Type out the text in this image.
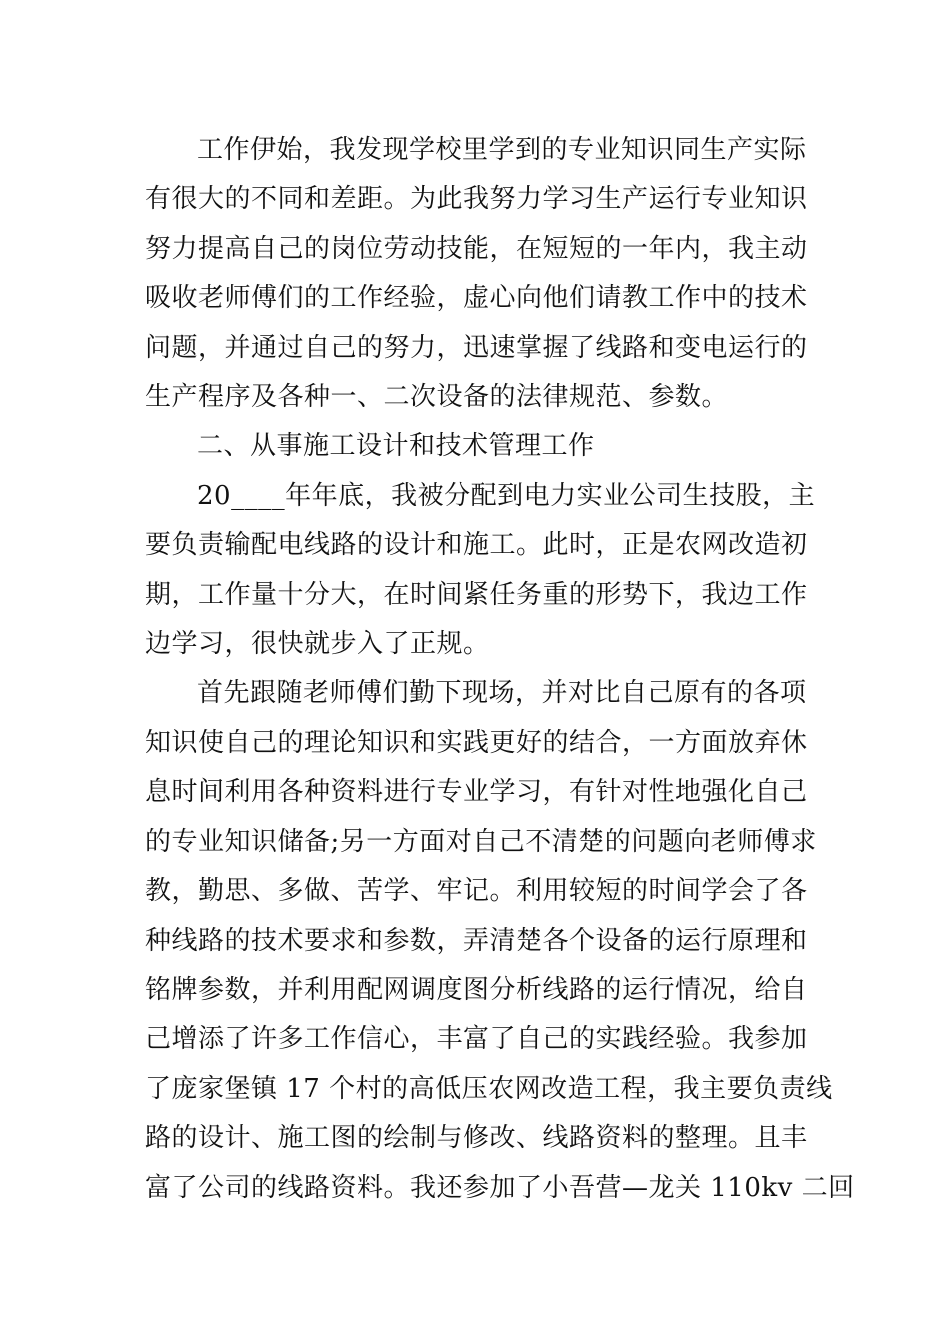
工作伊始，我发现学校里学到的专业知识同生产实际
有很大的不同和差距。为此我努力学习生产运行专业知识
努力提高自己的岗位劳动技能，在短短的一年内，我主动
吸收老师傅们的工作经验，虚心向他们请教工作中的技术
问题，并通过自己的努力，迅速掌握了线路和变电运行的
生产程序及各种一、二次设备的法律规范、参数。
二、从事施工设计和技术管理工作
20____年年底，我被分配到电力实业公司生技股，主
要负责输配电线路的设计和施工。此时，正是农网改造初
期，工作量十分大，在时间紧任务重的形势下，我边工作
边学习，很快就步入了正规。
首先跟随老师傅们勤下现场，并对比自己原有的各项
知识使自己的理论知识和实践更好的结合，一方面放弃休
息时间利用各种资料进行专业学习，有针对性地强化自己
的专业知识储备;另一方面对自己不清楚的问题向老师傅求
教，勤思、多做、苦学、牢记。利用较短的时间学会了各
种线路的技术要求和参数，弄清楚各个设备的运行原理和
铭牌参数，并利用配网调度图分析线路的运行情况，给自
己增添了许多工作信心，丰富了自己的实践经验。我参加
了庞家堡镇 17 个村的高低压农网改造工程，我主要负责线
路的设计、施工图的绘制与修改、线路资料的整理。且丰
富了公司的线路资料。我还参加了小吾营—龙关 110kv 二回
